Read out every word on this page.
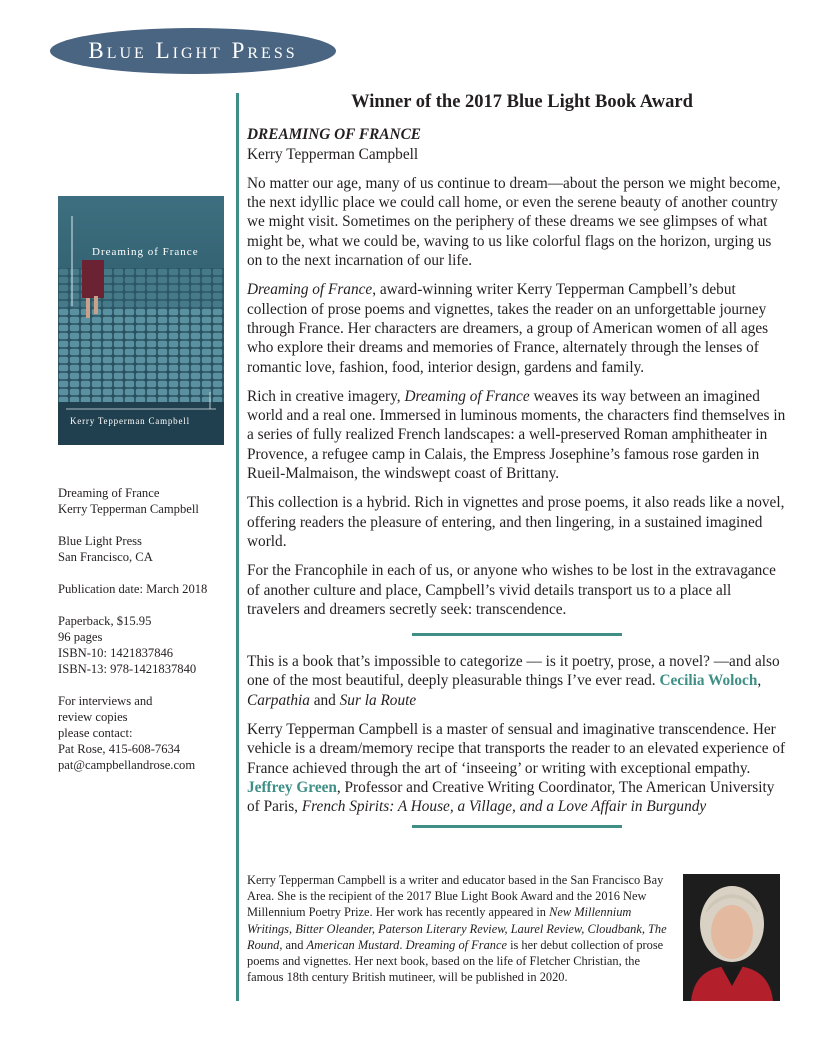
Blue Light Press
Dreaming of France
Kerry Tepperman Campbell
Dreaming of France
Kerry Tepperman Campbell
Blue Light Press
San Francisco, CA
Publication date: March 2018
Paperback, $15.95
96 pages
ISBN-10: 1421837846
ISBN-13: 978-1421837840
For interviews and
review copies
please contact:
Pat Rose, 415-608-7634
pat@campbellandrose.com
Winner of the 2017 Blue Light Book Award
DREAMING OF FRANCE
Kerry Tepperman Campbell

No matter our age, many of us continue to dream—about the person we might become, the next idyllic place we could call home, or even the serene beauty of another country we might visit. Sometimes on the periphery of these dreams we see glimpses of what might be, what we could be, waving to us like colorful flags on the horizon, urging us on to the next incarnation of our life.

Dreaming of France, award-winning writer Kerry Tepperman Campbell’s debut collection of prose poems and vignettes, takes the reader on an unforgettable journey through France. Her characters are dreamers, a group of American women of all ages who explore their dreams and memories of France, alternately through the lenses of romantic love, fashion, food, interior design, gardens and family.

Rich in creative imagery, Dreaming of France weaves its way between an imagined world and a real one. Immersed in luminous moments, the characters find themselves in a series of fully realized French landscapes: a well-preserved Roman amphitheater in Provence, a refugee camp in Calais, the Empress Josephine’s famous rose garden in Rueil-Malmaison, the windswept coast of Brittany.

This collection is a hybrid. Rich in vignettes and prose poems, it also reads like a novel, offering readers the pleasure of entering, and then lingering, in a sustained imagined world.

For the Francophile in each of us, or anyone who wishes to be lost in the extravagance of another culture and place, Campbell’s vivid details transport us to a place all travelers and dreamers secretly seek: transcendence.

This is a book that’s impossible to categorize — is it poetry, prose, a novel? —and also one of the most beautiful, deeply pleasurable things I’ve ever read. Cecilia Woloch, Carpathia and Sur la Route

Kerry Tepperman Campbell is a master of sensual and imaginative transcendence. Her vehicle is a dream/memory recipe that transports the reader to an elevated experience of France achieved through the art of ‘inseeing’ or writing with exceptional empathy. Jeffrey Green, Professor and Creative Writing Coordinator, The American University of Paris, French Spirits: A House, a Village, and a Love Affair in Burgundy

Kerry Tepperman Campbell is a writer and educator based in the San Francisco Bay Area. She is the recipient of the 2017 Blue Light Book Award and the 2016 New Millennium Poetry Prize. Her work has recently appeared in New Millennium Writings, Bitter Oleander, Paterson Literary Review, Laurel Review, Cloudbank, The Round, and American Mustard. Dreaming of France is her debut collection of prose poems and vignettes. Her next book, based on the life of Fletcher Christian, the famous 18th century British mutineer, will be published in 2020.
